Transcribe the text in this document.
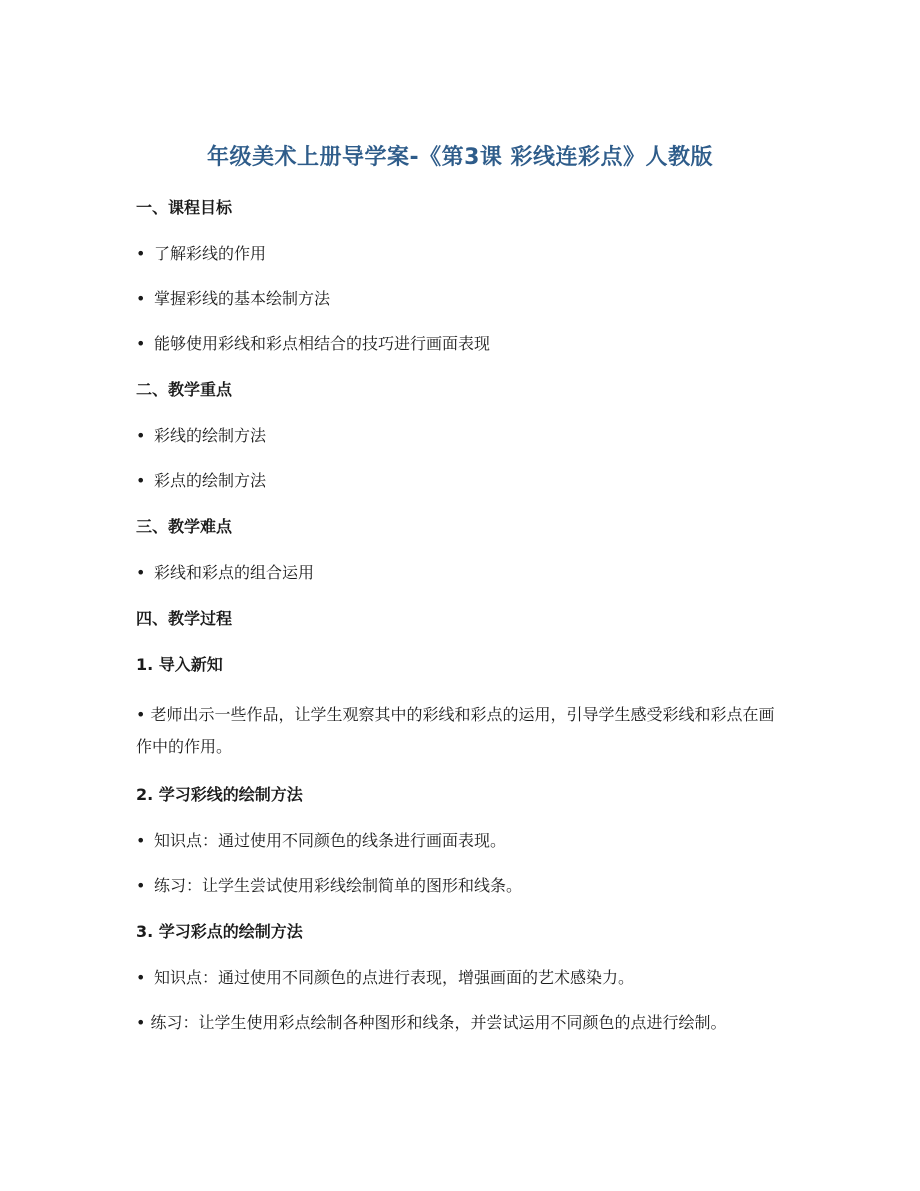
年级美术上册导学案-《第3课 彩线连彩点》人教版
一、课程目标
• 了解彩线的作用
• 掌握彩线的基本绘制方法
• 能够使用彩线和彩点相结合的技巧进行画面表现
二、教学重点
• 彩线的绘制方法
• 彩点的绘制方法
三、教学难点
• 彩线和彩点的组合运用
四、教学过程
1. 导入新知
• 老师出示一些作品，让学生观察其中的彩线和彩点的运用，引导学生感受彩线和彩点在画作中的作用。
2. 学习彩线的绘制方法
• 知识点：通过使用不同颜色的线条进行画面表现。
• 练习：让学生尝试使用彩线绘制简单的图形和线条。
3. 学习彩点的绘制方法
• 知识点：通过使用不同颜色的点进行表现，增强画面的艺术感染力。
• 练习：让学生使用彩点绘制各种图形和线条，并尝试运用不同颜色的点进行绘制。
